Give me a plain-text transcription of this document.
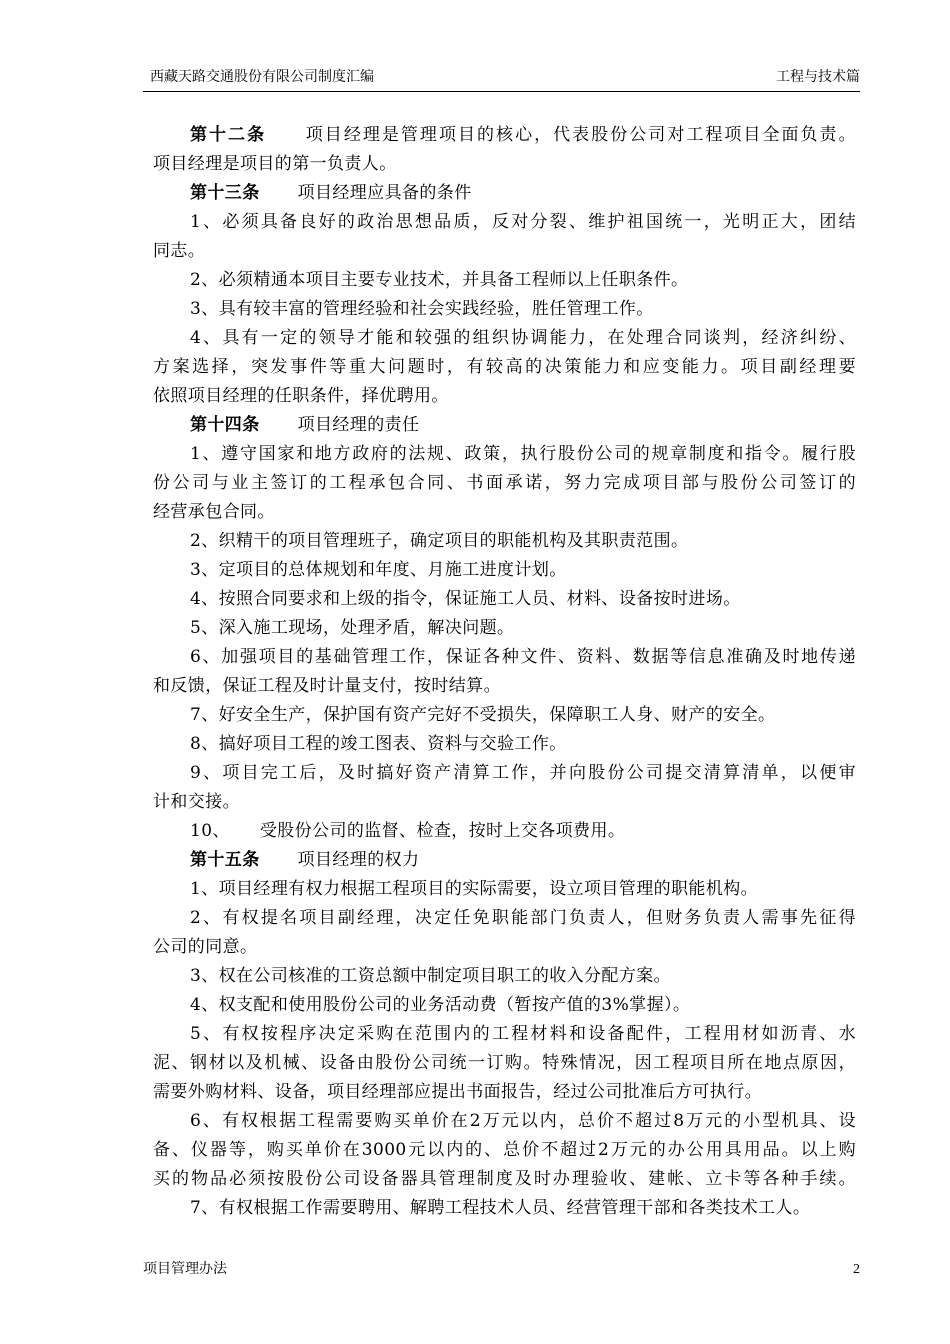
西藏天路交通股份有限公司制度汇编	工程与技术篇
第十二条 项目经理是管理项目的核心，代表股份公司对工程项目全面负责。
项目经理是项目的第一负责人。
第十三条 项目经理应具备的条件
1、必须具备良好的政治思想品质，反对分裂、维护祖国统一，光明正大，团结
同志。
2、必须精通本项目主要专业技术，并具备工程师以上任职条件。
3、具有较丰富的管理经验和社会实践经验，胜任管理工作。
4、具有一定的领导才能和较强的组织协调能力，在处理合同谈判，经济纠纷、
方案选择，突发事件等重大问题时，有较高的决策能力和应变能力。项目副经理要
依照项目经理的任职条件，择优聘用。
第十四条 项目经理的责任
1、遵守国家和地方政府的法规、政策，执行股份公司的规章制度和指令。履行股
份公司与业主签订的工程承包合同、书面承诺，努力完成项目部与股份公司签订的
经营承包合同。
2、织精干的项目管理班子，确定项目的职能机构及其职责范围。
3、定项目的总体规划和年度、月施工进度计划。
4、按照合同要求和上级的指令，保证施工人员、材料、设备按时进场。
5、深入施工现场，处理矛盾，解决问题。
6、加强项目的基础管理工作，保证各种文件、资料、数据等信息准确及时地传递
和反馈，保证工程及时计量支付，按时结算。
7、好安全生产，保护国有资产完好不受损失，保障职工人身、财产的安全。
8、搞好项目工程的竣工图表、资料与交验工作。
9、项目完工后，及时搞好资产清算工作，并向股份公司提交清算清单，以便审
计和交接。
10、 受股份公司的监督、检查，按时上交各项费用。
第十五条 项目经理的权力
1、项目经理有权力根据工程项目的实际需要，设立项目管理的职能机构。
2、有权提名项目副经理，决定任免职能部门负责人，但财务负责人需事先征得
公司的同意。
3、权在公司核准的工资总额中制定项目职工的收入分配方案。
4、权支配和使用股份公司的业务活动费（暂按产值的3%掌握）。
5、有权按程序决定采购在范围内的工程材料和设备配件，工程用材如沥青、水
泥、钢材以及机械、设备由股份公司统一订购。特殊情况，因工程项目所在地点原因，
需要外购材料、设备，项目经理部应提出书面报告，经过公司批准后方可执行。
6、有权根据工程需要购买单价在2万元以内，总价不超过8万元的小型机具、设
备、仪器等，购买单价在3000元以内的、总价不超过2万元的办公用具用品。以上购
买的物品必须按股份公司设备器具管理制度及时办理验收、建帐、立卡等各种手续。
7、有权根据工作需要聘用、解聘工程技术人员、经营管理干部和各类技术工人。
项目管理办法	2
